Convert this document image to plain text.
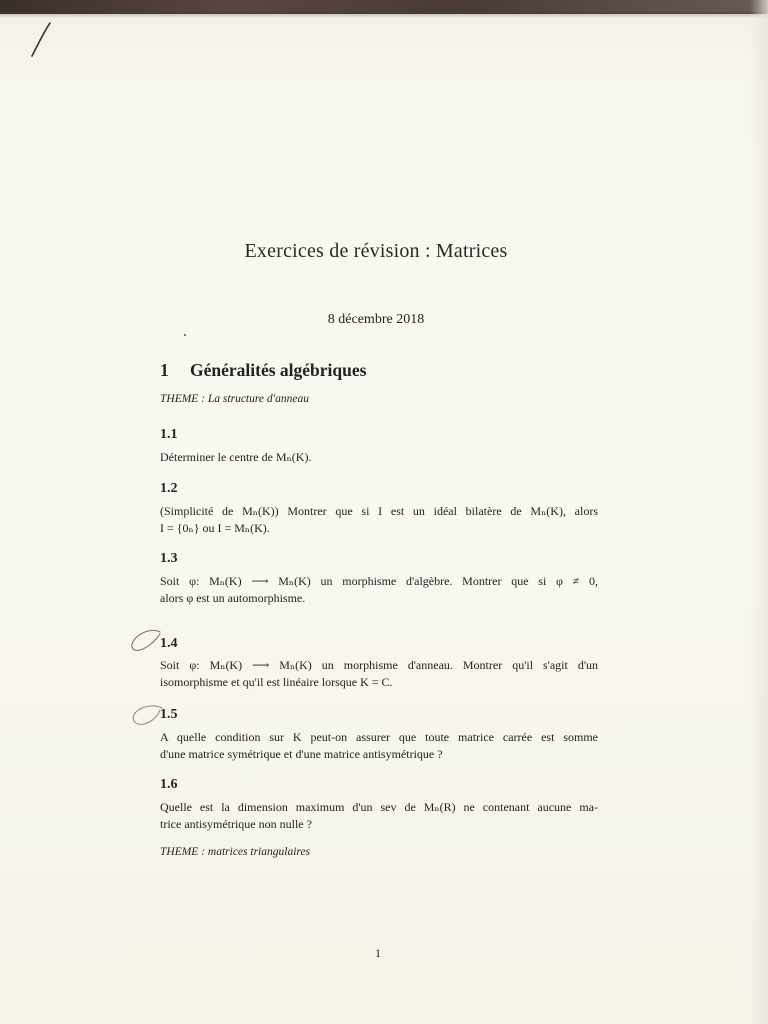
Exercices de révision : Matrices
8 décembre 2018
1 Généralités algébriques
THEME : La structure d'anneau
1.1
Déterminer le centre de Mₙ(K).
1.2
(Simplicité de Mₙ(K)) Montrer que si I est un idéal bilatère de Mₙ(K), alors
I = {0ₙ} ou I = Mₙ(K).
1.3
Soit φ: Mₙ(K) ⟶ Mₙ(K) un morphisme d'algèbre. Montrer que si φ ≠ 0,
alors φ est un automorphisme.
1.4
Soit φ: Mₙ(K) ⟶ Mₙ(K) un morphisme d'anneau. Montrer qu'il s'agit d'un
isomorphisme et qu'il est linéaire lorsque K = C.
1.5
A quelle condition sur K peut-on assurer que toute matrice carrée est somme
d'une matrice symétrique et d'une matrice antisymétrique ?
1.6
Quelle est la dimension maximum d'un sev de Mₙ(R) ne contenant aucune ma-
trice antisymétrique non nulle ?
THEME : matrices triangulaires
1
